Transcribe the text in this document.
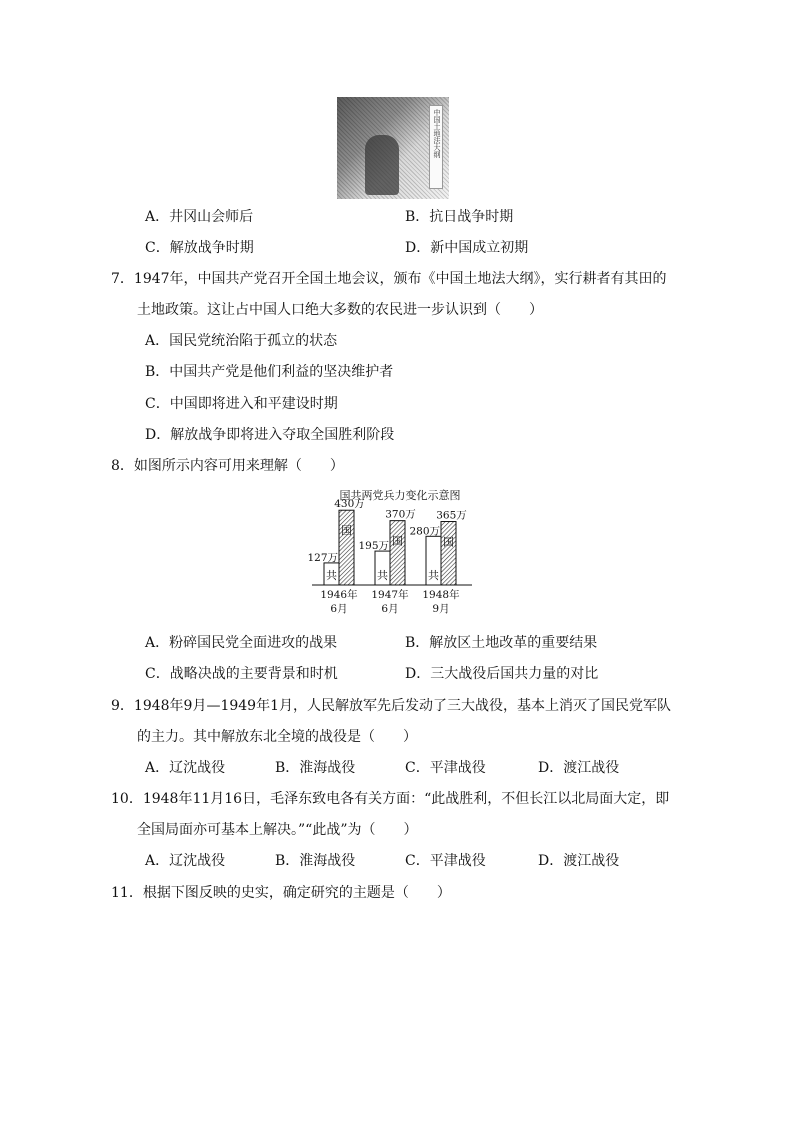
中国土地法大纲
A．井冈山会师后	B．抗日战争时期
C．解放战争时期	D．新中国成立初期
7．1947年，中国共产党召开全国土地会议，颁布《中国土地法大纲》，实行耕者有其田的
土地政策。这让占中国人口绝大多数的农民进一步认识到（　　）
A．国民党统治陷于孤立的状态
B．中国共产党是他们利益的坚决维护者
C．中国即将进入和平建设时期
D．解放战争即将进入夺取全国胜利阶段
8．如图所示内容可用来理解（　　）
国共两党兵力变化示意图
共
127万
国
430万
1946年
6月
共
195万 国
370万
1947年
6月
共
280万
国
365万
1948年
9月
A．粉碎国民党全面进攻的战果	B．解放区土地改革的重要结果
C．战略决战的主要背景和时机	D．三大战役后国共力量的对比
9．1948年9月—1949年1月，人民解放军先后发动了三大战役，基本上消灭了国民党军队
的主力。其中解放东北全境的战役是（　　）
A．辽沈战役	B．淮海战役	C．平津战役	D．渡江战役
10．1948年11月16日，毛泽东致电各有关方面：“此战胜利，不但长江以北局面大定，即
全国局面亦可基本上解决。”“此战”为（　　）
A．辽沈战役	B．淮海战役	C．平津战役	D．渡江战役
11．根据下图反映的史实，确定研究的主题是（　　）
